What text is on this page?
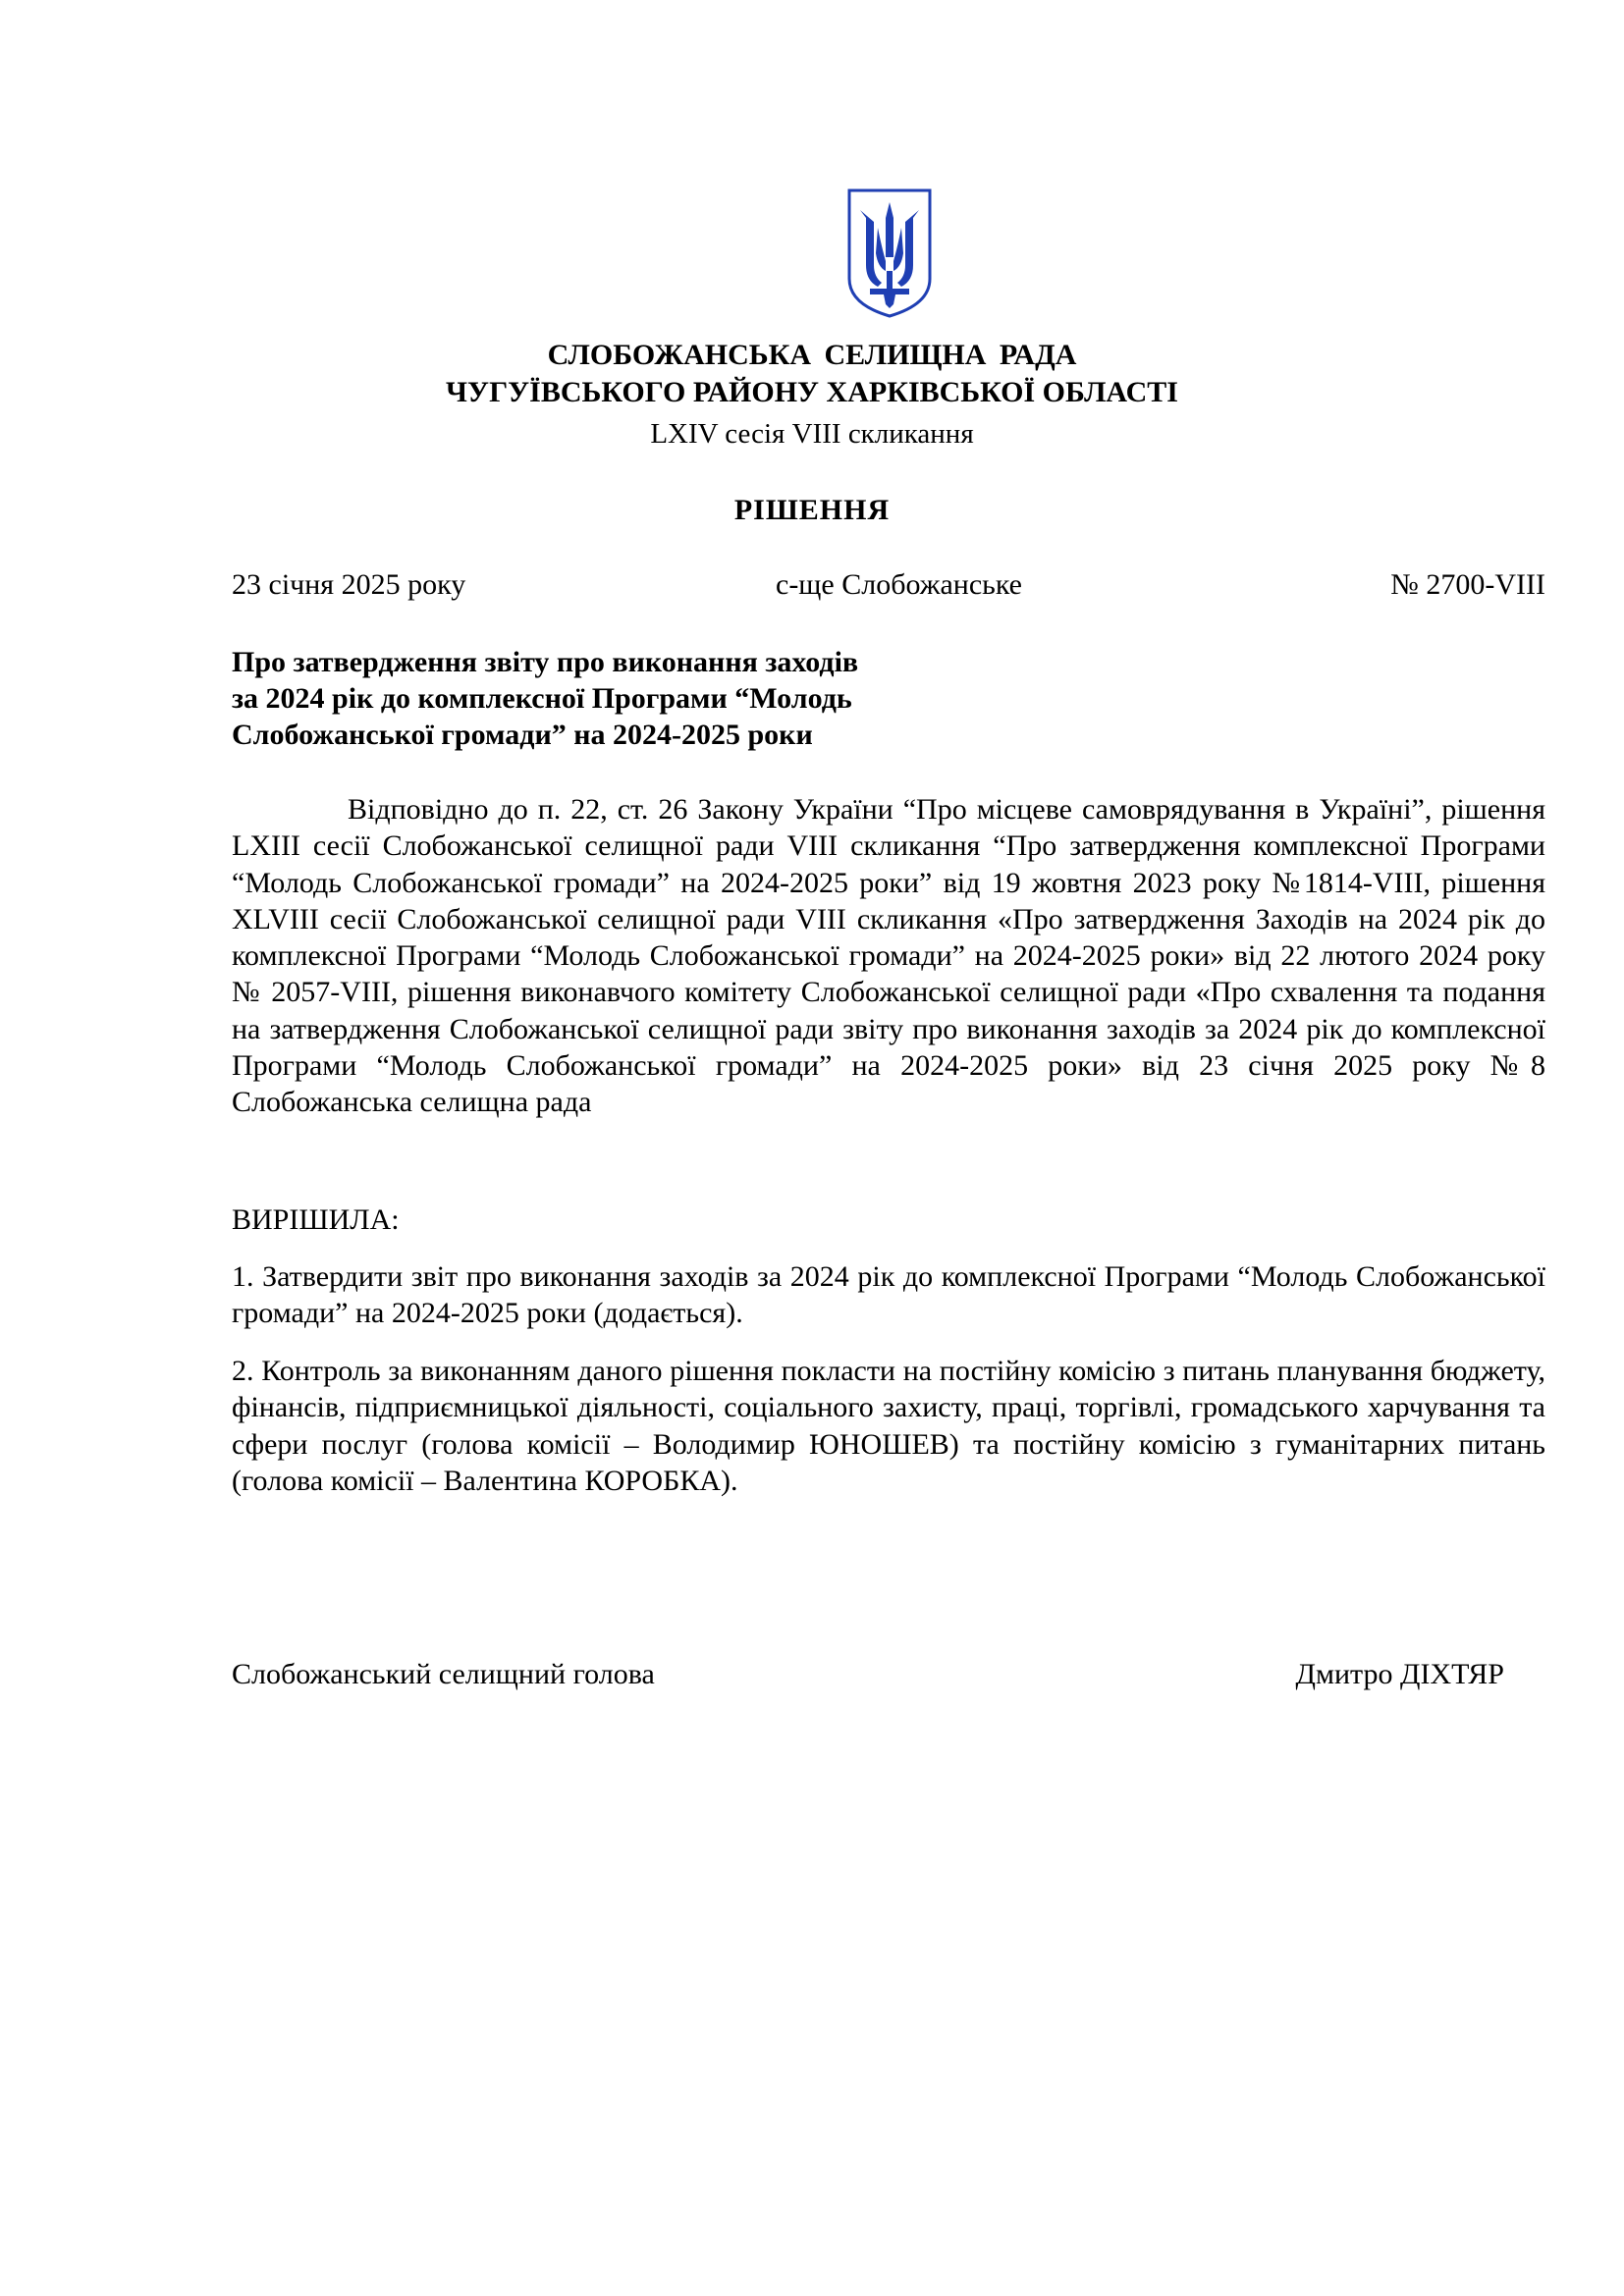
СЛОБОЖАНСЬКА СЕЛИЩНА РАДА
ЧУГУЇВСЬКОГО РАЙОНУ ХАРКІВСЬКОЇ ОБЛАСТІ
LXIV сесія VIII скликання
РІШЕННЯ
23 січня 2025 року	с-ще Слобожанське	№ 2700-VIII
Про затвердження звіту про виконання заходів
за 2024 рік до комплексної Програми “Молодь
Слобожанської громади” на 2024-2025 роки
Відповідно до п. 22, ст. 26 Закону України “Про місцеве самоврядування в Україні”, рішення LXIII сесії Слобожанської селищної ради VIII скликання “Про затвердження комплексної Програми “Молодь Слобожанської громади” на 2024-2025 роки” від 19 жовтня 2023 року №1814-VIII, рішення XLVIII сесії Слобожанської селищної ради VIII скликання «Про затвердження Заходів на 2024 рік до комплексної Програми “Молодь Слобожанської громади” на 2024-2025 роки» від 22 лютого 2024 року № 2057-VIII, рішення виконавчого комітету Слобожанської селищної ради «Про схвалення та подання на затвердження Слобожанської селищної ради звіту про виконання заходів за 2024 рік до комплексної Програми “Молодь Слобожанської громади” на 2024-2025 роки» від 23 січня 2025 року №8 Слобожанська селищна рада
ВИРІШИЛА:
1. Затвердити звіт про виконання заходів за 2024 рік до комплексної Програми “Молодь Слобожанської громади” на 2024-2025 роки (додається).
2. Контроль за виконанням даного рішення покласти на постійну комісію з питань планування бюджету, фінансів, підприємницької діяльності, соціального захисту, праці, торгівлі, громадського харчування та сфери послуг (голова комісії – Володимир ЮНОШЕВ) та постійну комісію з гуманітарних питань (голова комісії – Валентина КОРОБКА).
Слобожанський селищний голова	Дмитро ДІХТЯР
